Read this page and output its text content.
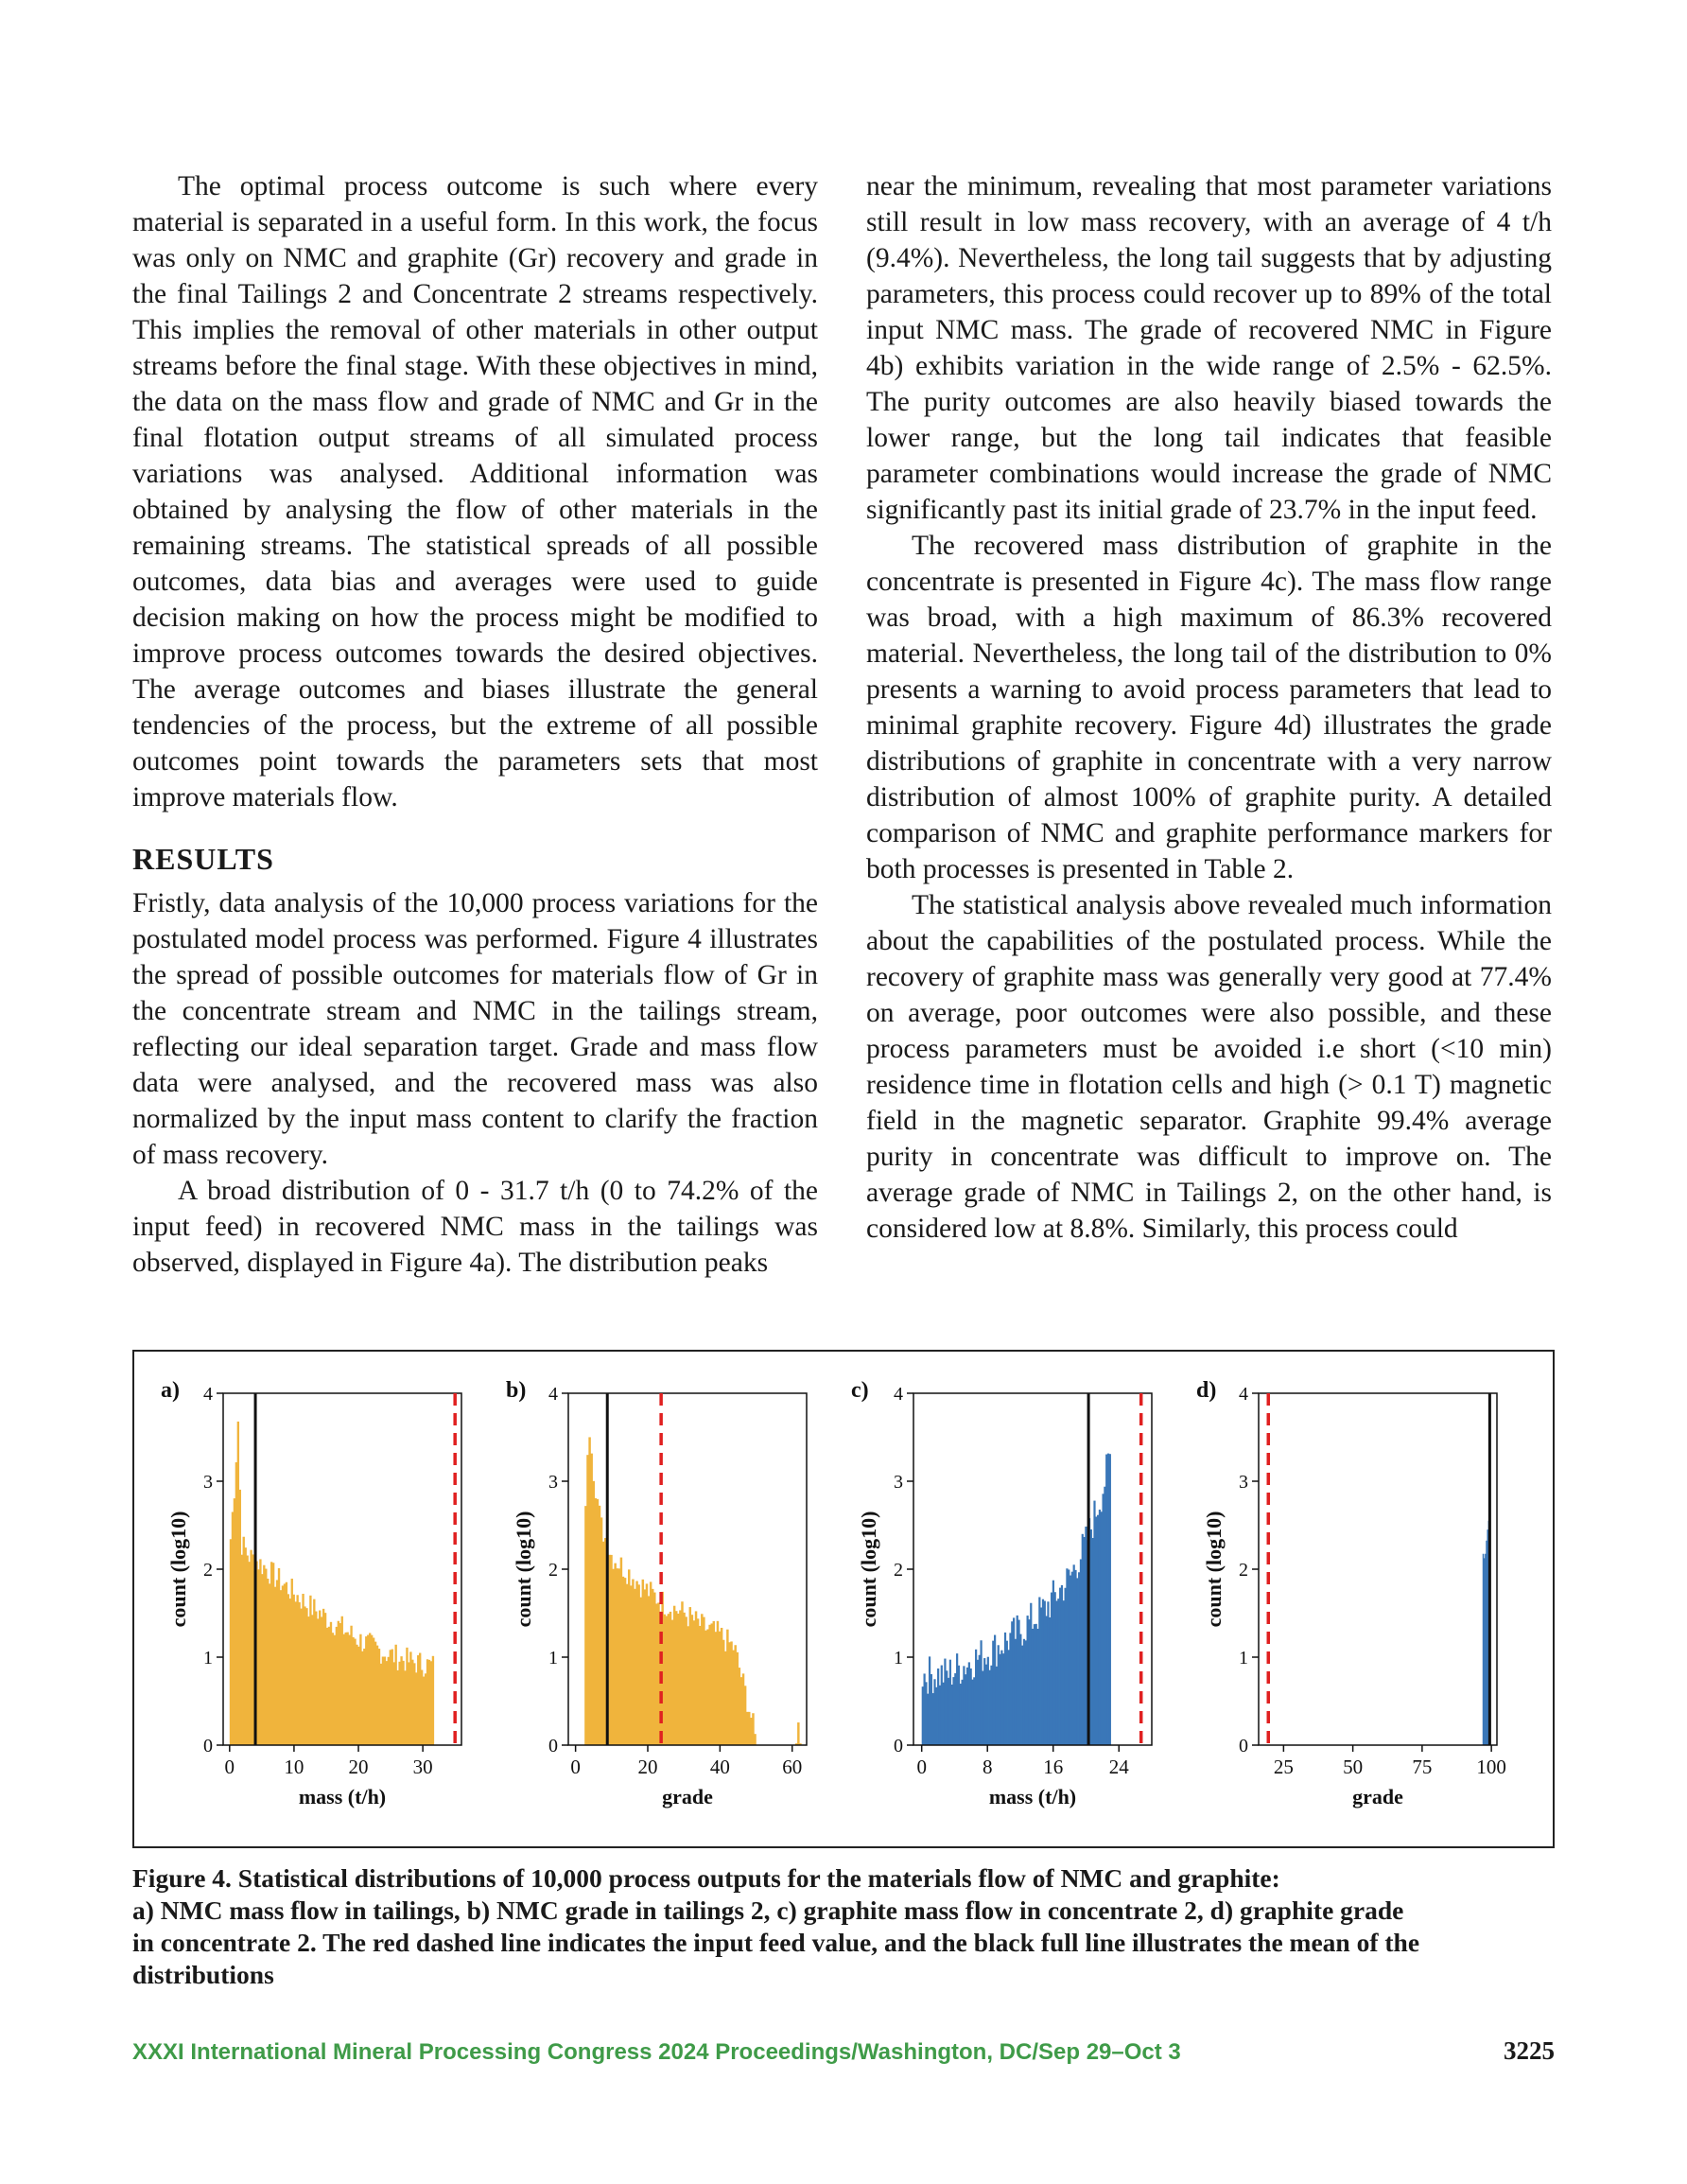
The optimal process outcome is such where every material is separated in a useful form. In this work, the focus was only on NMC and graphite (Gr) recovery and grade in the final Tailings 2 and Concentrate 2 streams respectively. This implies the removal of other materials in other output streams before the final stage. With these objectives in mind, the data on the mass flow and grade of NMC and Gr in the final flotation output streams of all simulated process variations was analysed. Additional information was obtained by analysing the flow of other materials in the remaining streams. The statistical spreads of all possible outcomes, data bias and averages were used to guide decision making on how the process might be modified to improve process outcomes towards the desired objectives. The average outcomes and biases illustrate the general tendencies of the process, but the extreme of all possible outcomes point towards the parameters sets that most improve materials flow.

RESULTS

Fristly, data analysis of the 10,000 process variations for the postulated model process was performed. Figure 4 illustrates the spread of possible outcomes for materials flow of Gr in the concentrate stream and NMC in the tailings stream, reflecting our ideal separation target. Grade and mass flow data were analysed, and the recovered mass was also normalized by the input mass content to clarify the fraction of mass recovery.

A broad distribution of 0 - 31.7 t/h (0 to 74.2% of the input feed) in recovered NMC mass in the tailings was observed, displayed in Figure 4a). The distribution peaks

near the minimum, revealing that most parameter variations still result in low mass recovery, with an average of 4 t/h (9.4%). Nevertheless, the long tail suggests that by adjusting parameters, this process could recover up to 89% of the total input NMC mass. The grade of recovered NMC in Figure 4b) exhibits variation in the wide range of 2.5% - 62.5%. The purity outcomes are also heavily biased towards the lower range, but the long tail indicates that feasible parameter combinations would increase the grade of NMC significantly past its initial grade of 23.7% in the input feed.

The recovered mass distribution of graphite in the concentrate is presented in Figure 4c). The mass flow range was broad, with a high maximum of 86.3% recovered material. Nevertheless, the long tail of the distribution to 0% presents a warning to avoid process parameters that lead to minimal graphite recovery. Figure 4d) illustrates the grade distributions of graphite in concentrate with a very narrow distribution of almost 100% of graphite purity. A detailed comparison of NMC and graphite performance markers for both processes is presented in Table 2.

The statistical analysis above revealed much information about the capabilities of the postulated process. While the recovery of graphite mass was generally very good at 77.4% on average, poor outcomes were also possible, and these process parameters must be avoided i.e short (<10 min) residence time in flotation cells and high (> 0.1 T) magnetic field in the magnetic separator. Graphite 99.4% average purity in concentrate was difficult to improve on. The average grade of NMC in Tailings 2, on the other hand, is considered low at 8.8%. Similarly, this process could

0
1
2
3
4
0 10 20 30
mass (t/h)
count (log10)
a)
0
1
2
3
4
0	20	40	60
grade
count (log10)
b)
0
1
2
3
4
0	8	16 24
mass (t/h)
count (log10)
c)
0
1
2
3
4
25 50 75 100
grade
count (log10)
d)
Figure 4. Statistical distributions of 10,000 process outputs for the materials flow of NMC and graphite:
a) NMC mass flow in tailings, b) NMC grade in tailings 2, c) graphite mass flow in concentrate 2, d) graphite grade
in concentrate 2. The red dashed line indicates the input feed value, and the black full line illustrates the mean of the
distributions
XXXI International Mineral Processing Congress 2024 Proceedings/Washington, DC/Sep 29–Oct 3	3225
